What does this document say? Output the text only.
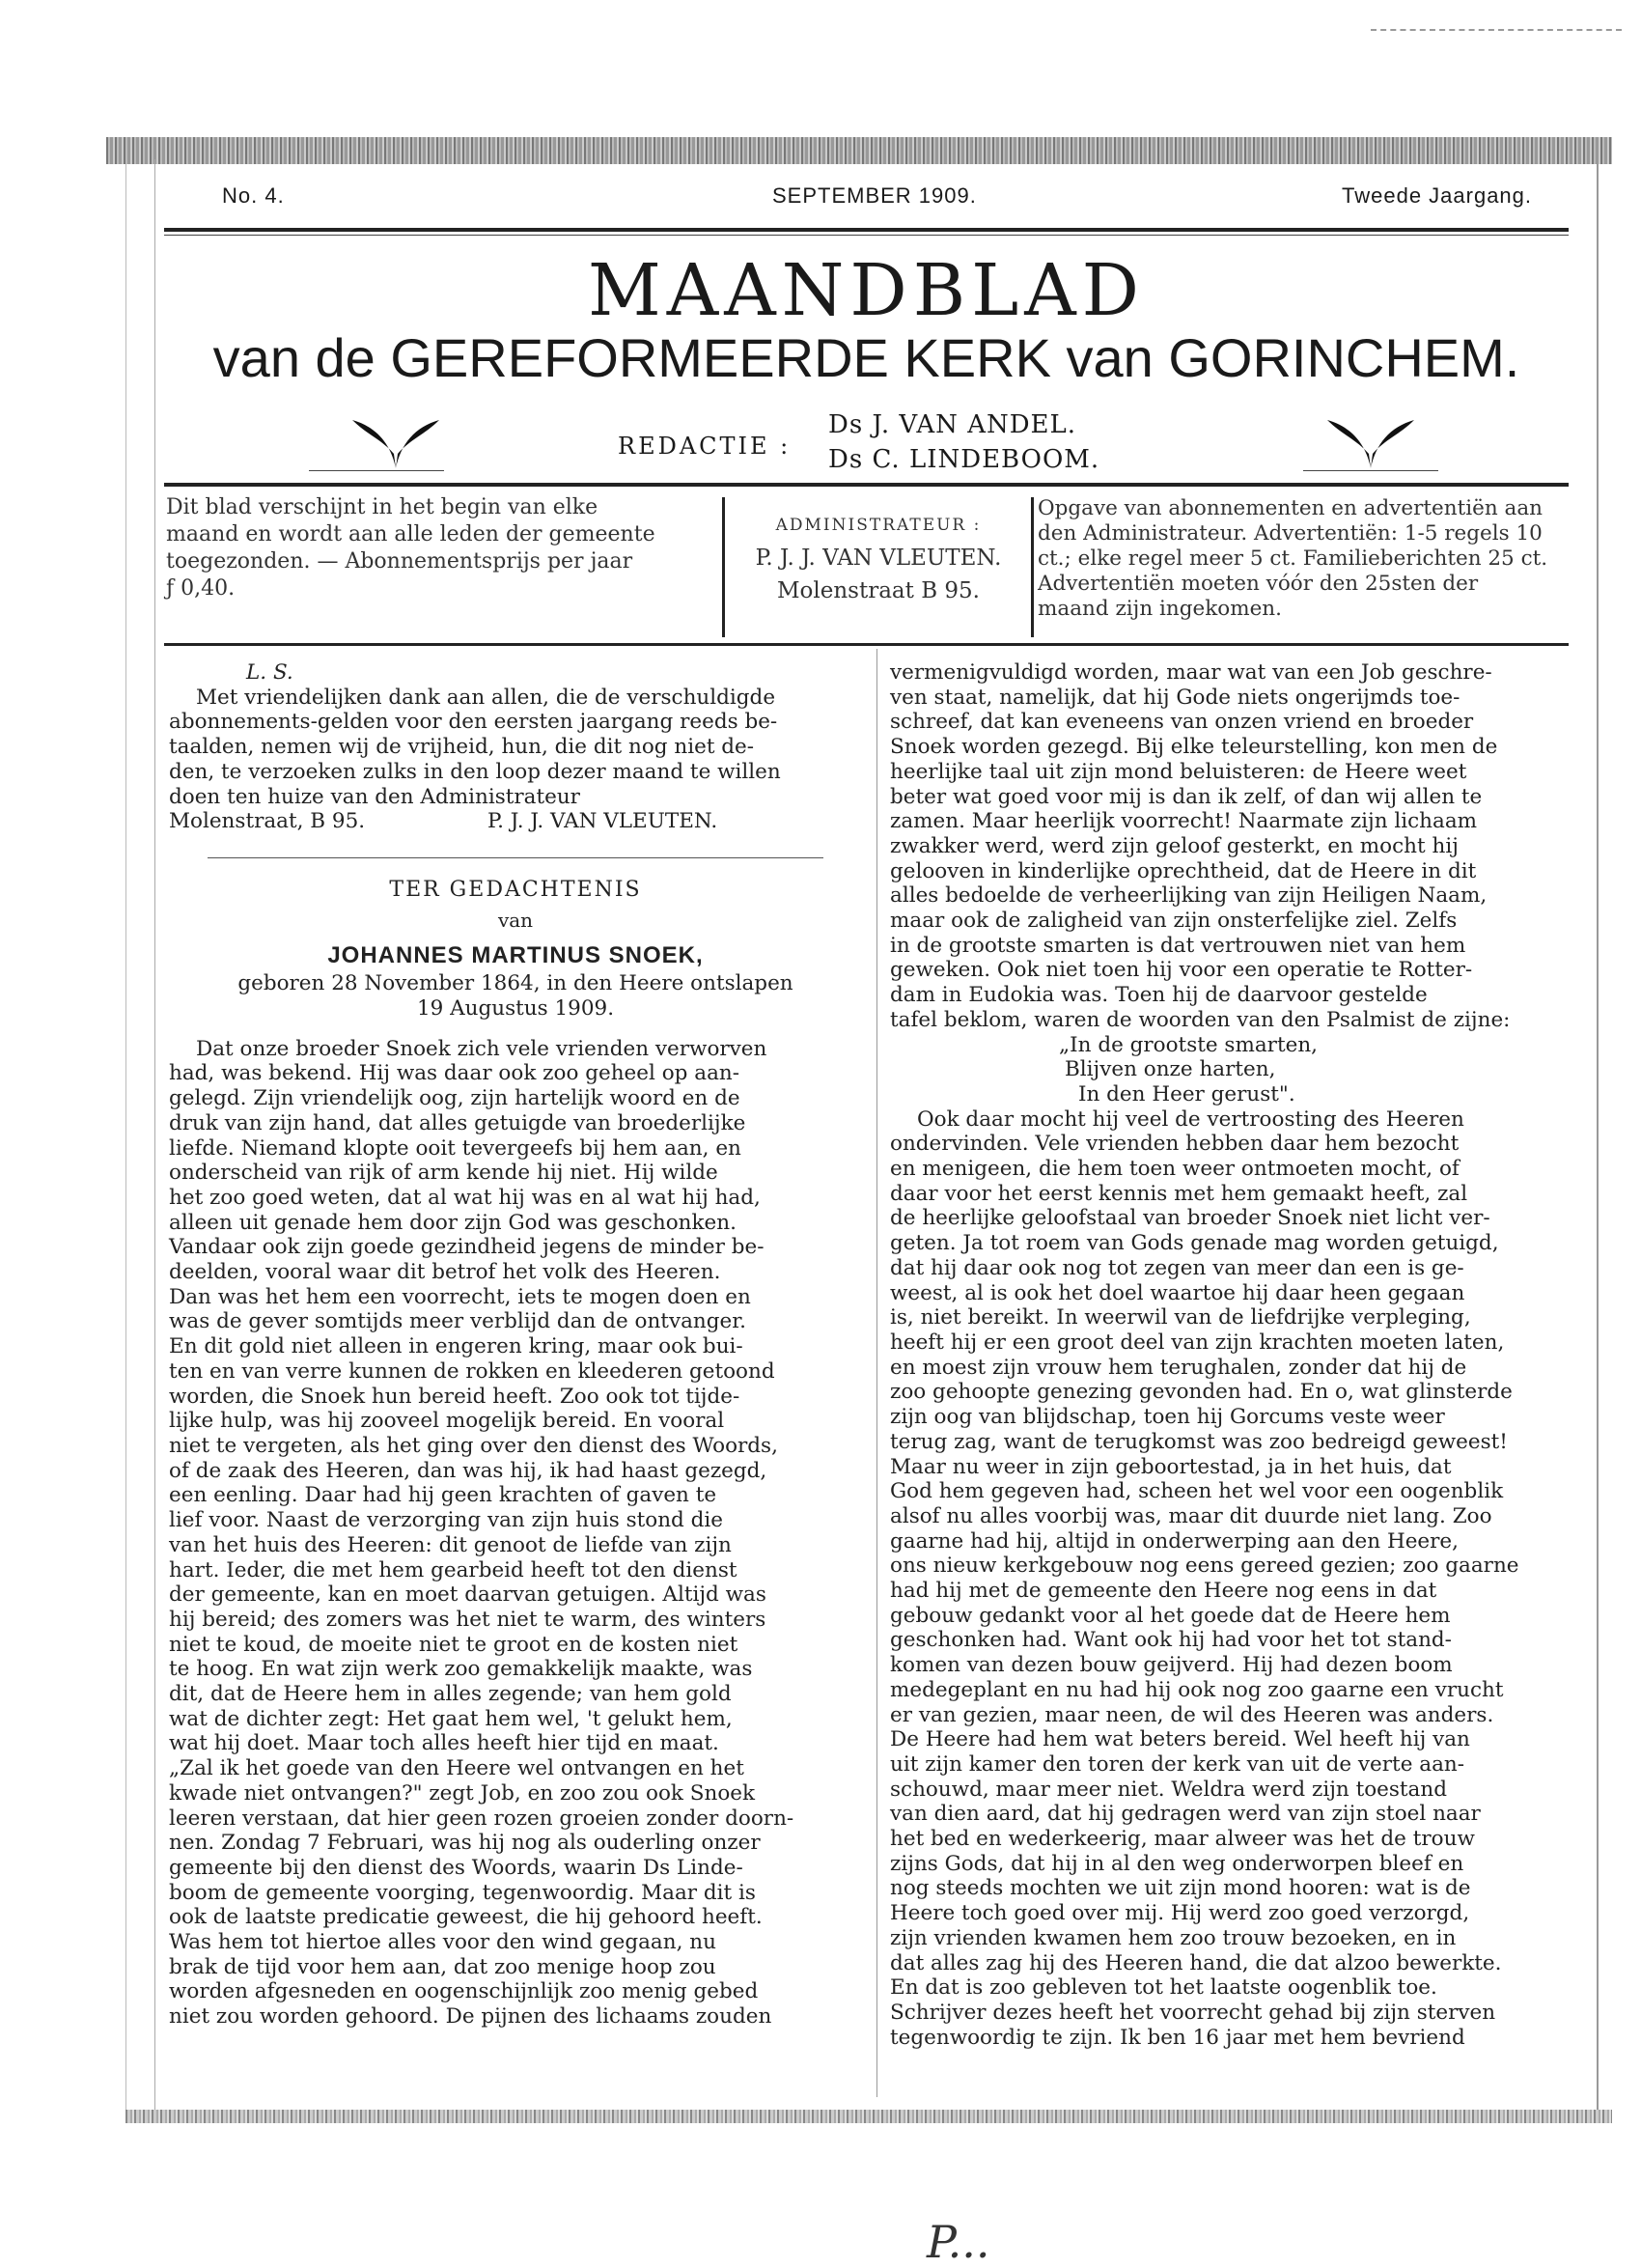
No. 4.	SEPTEMBER 1909.	Tweede Jaargang.
MAANDBLAD
van de GEREFORMEERDE KERK van GORINCHEM.
REDACTIE :
Ds J. VAN ANDEL.
Ds C. LINDEBOOM.

Dit blad verschijnt in het begin van elke

maand en wordt aan alle leden der gemeente

toegezonden. — Abonnementsprijs per jaar

ƒ 0,40.

ADMINISTRATEUR :
P. J. J. VAN VLEUTEN.
Molenstraat B 95.

Opgave van abonnementen en advertentiën aan

den Administrateur. Advertentiën: 1-5 regels 10

ct.; elke regel meer 5 ct. Familieberichten 25 ct.

Advertentiën moeten vóór den 25sten der

maand zijn ingekomen.

L. S.

Met vriendelijken dank aan allen, die de verschuldigde

abonnements-gelden voor den eersten jaargang reeds be-

taalden, nemen wij de vrijheid, hun, die dit nog niet de-

den, te verzoeken zulks in den loop dezer maand te willen

doen ten huize van den Administrateur

Molenstraat, B 95.	P. J. J. VAN VLEUTEN.
TER GEDACHTENIS
van
JOHANNES MARTINUS SNOEK,
geboren 28 November 1864, in den Heere ontslapen
19 Augustus 1909.

Dat onze broeder Snoek zich vele vrienden verworven

had, was bekend. Hij was daar ook zoo geheel op aan-

gelegd. Zijn vriendelijk oog, zijn hartelijk woord en de

druk van zijn hand, dat alles getuigde van broederlijke

liefde. Niemand klopte ooit tevergeefs bij hem aan, en

onderscheid van rijk of arm kende hij niet. Hij wilde

het zoo goed weten, dat al wat hij was en al wat hij had,

alleen uit genade hem door zijn God was geschonken.

Vandaar ook zijn goede gezindheid jegens de minder be-

deelden, vooral waar dit betrof het volk des Heeren.

Dan was het hem een voorrecht, iets te mogen doen en

was de gever somtijds meer verblijd dan de ontvanger.

En dit gold niet alleen in engeren kring, maar ook bui-

ten en van verre kunnen de rokken en kleederen getoond

worden, die Snoek hun bereid heeft. Zoo ook tot tijde-

lijke hulp, was hij zooveel mogelijk bereid. En vooral

niet te vergeten, als het ging over den dienst des Woords,

of de zaak des Heeren, dan was hij, ik had haast gezegd,

een eenling. Daar had hij geen krachten of gaven te

lief voor. Naast de verzorging van zijn huis stond die

van het huis des Heeren: dit genoot de liefde van zijn

hart. Ieder, die met hem gearbeid heeft tot den dienst

der gemeente, kan en moet daarvan getuigen. Altijd was

hij bereid; des zomers was het niet te warm, des winters

niet te koud, de moeite niet te groot en de kosten niet

te hoog. En wat zijn werk zoo gemakkelijk maakte, was

dit, dat de Heere hem in alles zegende; van hem gold

wat de dichter zegt: Het gaat hem wel, 't gelukt hem,

wat hij doet. Maar toch alles heeft hier tijd en maat.

„Zal ik het goede van den Heere wel ontvangen en het

kwade niet ontvangen?" zegt Job, en zoo zou ook Snoek

leeren verstaan, dat hier geen rozen groeien zonder doorn-

nen. Zondag 7 Februari, was hij nog als ouderling onzer

gemeente bij den dienst des Woords, waarin Ds Linde-

boom de gemeente voorging, tegenwoordig. Maar dit is

ook de laatste predicatie geweest, die hij gehoord heeft.

Was hem tot hiertoe alles voor den wind gegaan, nu

brak de tijd voor hem aan, dat zoo menige hoop zou

worden afgesneden en oogenschijnlijk zoo menig gebed

niet zou worden gehoord. De pijnen des lichaams zouden

vermenigvuldigd worden, maar wat van een Job geschre-

ven staat, namelijk, dat hij Gode niets ongerijmds toe-

schreef, dat kan eveneens van onzen vriend en broeder

Snoek worden gezegd. Bij elke teleurstelling, kon men de

heerlijke taal uit zijn mond beluisteren: de Heere weet

beter wat goed voor mij is dan ik zelf, of dan wij allen te

zamen. Maar heerlijk voorrecht! Naarmate zijn lichaam

zwakker werd, werd zijn geloof gesterkt, en mocht hij

gelooven in kinderlijke oprechtheid, dat de Heere in dit

alles bedoelde de verheerlijking van zijn Heiligen Naam,

maar ook de zaligheid van zijn onsterfelijke ziel. Zelfs

in de grootste smarten is dat vertrouwen niet van hem

geweken. Ook niet toen hij voor een operatie te Rotter-

dam in Eudokia was. Toen hij de daarvoor gestelde

tafel beklom, waren de woorden van den Psalmist de zijne:

„In de grootste smarten,
Blijven onze harten,
In den Heer gerust".

Ook daar mocht hij veel de vertroosting des Heeren

ondervinden. Vele vrienden hebben daar hem bezocht

en menigeen, die hem toen weer ontmoeten mocht, of

daar voor het eerst kennis met hem gemaakt heeft, zal

de heerlijke geloofstaal van broeder Snoek niet licht ver-

geten. Ja tot roem van Gods genade mag worden getuigd,

dat hij daar ook nog tot zegen van meer dan een is ge-

weest, al is ook het doel waartoe hij daar heen gegaan

is, niet bereikt. In weerwil van de liefdrijke verpleging,

heeft hij er een groot deel van zijn krachten moeten laten,

en moest zijn vrouw hem terughalen, zonder dat hij de

zoo gehoopte genezing gevonden had. En o, wat glinsterde

zijn oog van blijdschap, toen hij Gorcums veste weer

terug zag, want de terugkomst was zoo bedreigd geweest!

Maar nu weer in zijn geboortestad, ja in het huis, dat

God hem gegeven had, scheen het wel voor een oogenblik

alsof nu alles voorbij was, maar dit duurde niet lang. Zoo

gaarne had hij, altijd in onderwerping aan den Heere,

ons nieuw kerkgebouw nog eens gereed gezien; zoo gaarne

had hij met de gemeente den Heere nog eens in dat

gebouw gedankt voor al het goede dat de Heere hem

geschonken had. Want ook hij had voor het tot stand-

komen van dezen bouw geijverd. Hij had dezen boom

medegeplant en nu had hij ook nog zoo gaarne een vrucht

er van gezien, maar neen, de wil des Heeren was anders.

De Heere had hem wat beters bereid. Wel heeft hij van

uit zijn kamer den toren der kerk van uit de verte aan-

schouwd, maar meer niet. Weldra werd zijn toestand

van dien aard, dat hij gedragen werd van zijn stoel naar

het bed en wederkeerig, maar alweer was het de trouw

zijns Gods, dat hij in al den weg onderworpen bleef en

nog steeds mochten we uit zijn mond hooren: wat is de

Heere toch goed over mij. Hij werd zoo goed verzorgd,

zijn vrienden kwamen hem zoo trouw bezoeken, en in

dat alles zag hij des Heeren hand, die dat alzoo bewerkte.

En dat is zoo gebleven tot het laatste oogenblik toe.

Schrijver dezes heeft het voorrecht gehad bij zijn sterven

tegenwoordig te zijn. Ik ben 16 jaar met hem bevriend

P...
